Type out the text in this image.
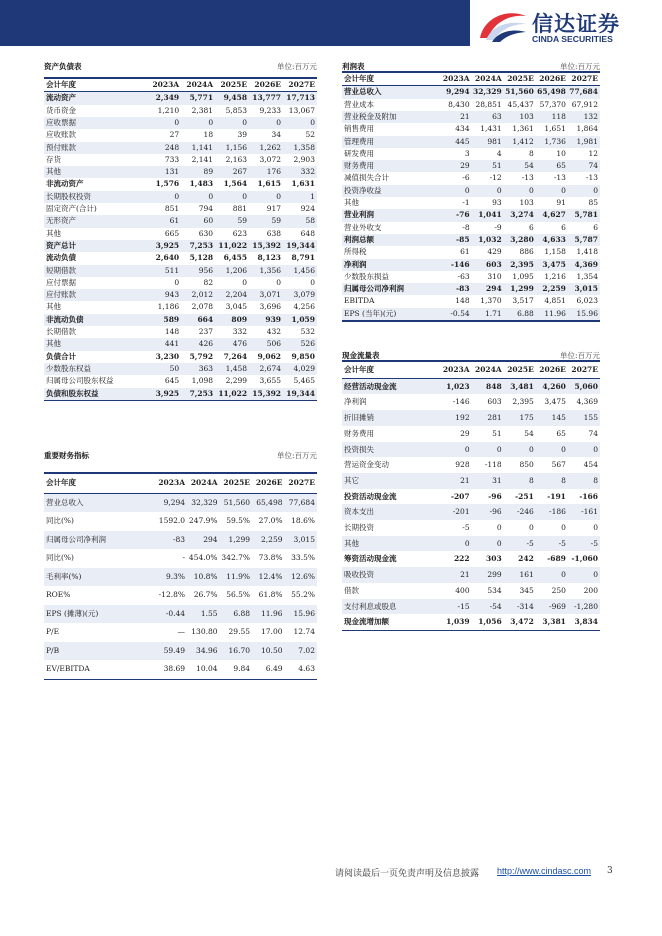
信达证券
CINDA SECURITIES
资产负债表	单位:百万元
会计年度	2023A 2024A 2025E 2026E 2027E
流动资产	2,349	5,771	9,458 13,777 17,713
货币资金	1,210	2,381	5,853	9,233	13,067
应收票据	0	0	0	0	0
应收账款	27	18	39	34	52
预付账款	248	1,141	1,156	1,262	1,358
存货	733	2,141	2,163	3,072	2,903
其他	131	89	267	176	332
非流动资产	1,576	1,483	1,564	1,615	1,631
长期股权投资	0	0	0	0	1
固定资产(合计)	851	794	881	917	924
无形资产	61	60	59	59	58
其他	665	630	623	638	648
资产总计	3,925	7,253 11,022 15,392 19,344
流动负债	2,640	5,128	6,455	8,123	8,791
短期借款	511	956	1,206	1,356	1,456
应付票据	0	82	0	0	0
应付账款	943	2,012	2,204	3,071	3,079
其他	1,186	2,078	3,045	3,696	4,256
非流动负债	589	664	809	939	1,059
长期借款	148	237	332	432	532
其他	441	426	476	506	526
负债合计	3,230	5,792	7,264	9,062	9,850
少数股东权益	50	363	1,458	2,674	4,029
归属母公司股东权益	645	1,098	2,299	3,655	5,465
负债和股东权益	3,925	7,253 11,022 15,392 19,344
利润表	单位:百万元
会计年度	2023A 2024A 2025E 2026E 2027E
营业总收入	9,294 32,329 51,560 65,498 77,684
营业成本	8,430 28,851 45,437 57,370 67,912
营业税金及附加	21	63	103	118	132
销售费用	434	1,431	1,361	1,651	1,864
管理费用	445	981	1,412	1,736	1,981
研发费用	3	4	8	10	12
财务费用	29	51	54	65	74
减值损失合计	-6	-12	-13	-13	-13
投资净收益	0	0	0	0	0
其他	-1	93	103	91	85
营业利润	-76	1,041	3,274	4,627	5,781
营业外收支	-8	-9	6	6	6
利润总额	-85	1,032	3,280	4,633	5,787
所得税	61	429	886	1,158	1,418
净利润	-146	603	2,395	3,475	4,369
少数股东损益	-63	310	1,095	1,216	1,354
归属母公司净利润	-83	294	1,299	2,259	3,015
EBITDA	148	1,370	3,517	4,851	6,023
EPS (当年)(元)	-0.54	1.71	6.88	11.96	15.96
重要财务指标	单位:百万元
会计年度	2023A 2024A 2025E 2026E 2027E
营业总收入	9,294 32,329 51,560 65,498 77,684
同比(%)	1592.0 247.9%	59.5%	27.0%	18.6%
归属母公司净利润	-83	294	1,299	2,259	3,015
同比(%)	- 454.0% 342.7%	73.8%	33.5%
毛利率(%)	9.3%	10.8%	11.9%	12.4%	12.6%
ROE%	-12.8%	26.7%	56.5%	61.8%	55.2%
EPS (摊薄)(元)	-0.44	1.55	6.88	11.96	15.96
P/E	— 130.80	29.55	17.00	12.74
P/B	59.49	34.96	16.70	10.50	7.02
EV/EBITDA	38.69	10.04	9.84	6.49	4.63
现金流量表	单位:百万元
会计年度	2023A 2024A 2025E 2026E 2027E
经营活动现金流	1,023	848	3,481	4,260	5,060
净利润	-146	603	2,395	3,475	4,369
折旧摊销	192	281	175	145	155
财务费用	29	51	54	65	74
投资损失	0	0	0	0	0
营运资金变动	928	-118	850	567	454
其它	21	31	8	8	8
投资活动现金流	-207	-96	-251	-191	-166
资本支出	-201	-96	-246	-186	-161
长期投资	-5	0	0	0	0
其他	0	0	-5	-5	-5
筹资活动现金流	222	303	242	-689 -1,060
吸收投资	21	299	161	0	0
借款	400	534	345	250	200
支付利息或股息	-15	-54	-314	-969	-1,280
现金流增加额	1,039	1,056	3,472	3,381	3,834
请阅读最后一页免责声明及信息披露 http://www.cindasc.com 3
